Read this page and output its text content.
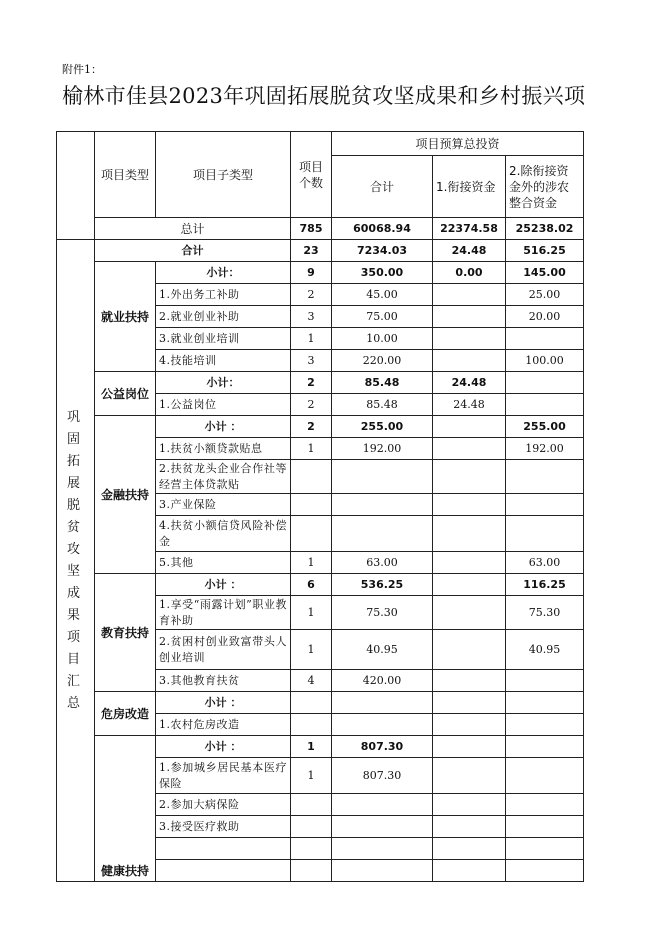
附件1：
榆林市佳县2023年巩固拓展脱贫攻坚成果和乡村振兴项
	项目类型	项目子类型	项目个数	项目预算总投资		
				合计	1.衔接资金	2.除衔接资金外的涉农整合资金
	总计		785	60068.94	22374.58	25238.02
巩固拓展脱贫攻坚成果项目汇总	合计		23	7234.03	24.48	516.25
	就业扶持	小计：	9	350.00	0.00	145.00
		1.外出务工补助	2	45.00		25.00
		2.就业创业补助	3	75.00		20.00
		3.就业创业培训	1	10.00		
		4.技能培训	3	220.00		100.00
	公益岗位	小计：	2	85.48	24.48	
		1.公益岗位	2	85.48	24.48	
	金融扶持	小计 ：	2	255.00		255.00
		1.扶贫小额贷款贴息	1	192.00		192.00
		2.扶贫龙头企业合作社等经营主体贷款贴				
		3.产业保险				
		4.扶贫小额信贷风险补偿金				
		5.其他	1	63.00		63.00
	教育扶持	小计 ：	6	536.25		116.25
		1.享受“雨露计划”职业教育补助	1	75.30		75.30
		2.贫困村创业致富带头人创业培训	1	40.95		40.95
		3.其他教育扶贫	4	420.00		
	危房改造	小计 ：				
		1.农村危房改造				
	健康扶持	小计 ：	1	807.30		
		1.参加城乡居民基本医疗保险	1	807.30		
		2.参加大病保险				
		3.接受医疗救助				
